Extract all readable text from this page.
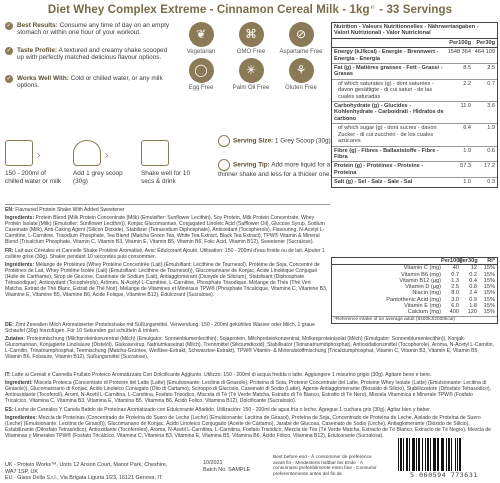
Diet Whey Complex Extreme - Cinnamon Cereal Milk - 1kg℮ - 33 Servings
✓ Best Results: Consume any time of day on an empty stomach or within one hour of your workout.
✓ Taste Profile: A textured and creamy shake scooped up with perfectly matched delicious flavour options.
✓ Works Well With: Cold or chilled water, or any milk options.
❦
Vegetarian
⌘
GMO Free
⊘
Aspartame Free
◯
Egg Free
✳
Palm Oil Free
⚘
Gluten Free
150 - 200ml of chilled water or milk
›
Add 1 grey scoop (30g)
›
Shake well for 10 secs & drink
Serving Size: 1 Grey Scoop (30g)
Serving Tip: Add more liquid for a thinner shake and less for a thicker one.
Nutrition - Valeurs Nutritionnelles - Nährwertangaben - Valori Nutrizionali - Valor Nutricional
Per100g Per30g
Energy (kJ/kcal) - Energie - Brennwert - Energia - Energía
1548 364 464 109
Fat (g) - Matières grasses - Fett - Grassi - Grasas
8.5	2.5
of which saturates (g) - dont saturées - davon gesättigte - di cui saturi - de las cuales saturadas
2.2	0.7
Carbohydrate (g) - Glucides - Kohlenhydrate - Carboidrati - Hidratos de carbono
11.9	3.6
of which sugar (g) - dont sucres - davon Zucker - di cui zuccheri - de los cuales azúcares
6.4	1.9
Fibre (g) - Fibres - Ballaststoffe - Fibre - Fibra
1.9	0.6
Protein (g) - Protéines - Proteine - Proteína
57.3	17.2
Salt (g) - Sel - Salz - Sale - Sal	1.0	0.3
Per100g
Per30g	RI*
Vitamin C (mg)	40	12	15%
Vitamin B6 (mg)	0.7	0.2	15%
Vitamin B12 (µg)	1.3	0.4	15%
Vitamin D (µg)	2.5	0.8	15%
Niacin (mg)	8.0	2.4	15%
Pantothenic Acid (mg)	3.0	0.9	15%
Vitamin E (mg)	6.0	1.8	15%
Calcium (mg)	400	120	15%
*Reference intake of an average adult (8400kJ/2000kcal)

EN: Flavoured Protein Shake With Added Sweetener

Ingredients: Protein Blend (Milk Protein Concentrate (Milk) (Emulsifier: Sunflower Lecithin), Soy Protein, Milk Protein Concentrate, Whey Protein Isolate (Milk) (Emulsifier: Sunflower Lecithin)), Konjac Glucomannan, Conjugated Linoleic Acid (Safflower Oil), Glucose Syrup, Sodium Caseinate (Milk), Anti-Caking Agent (Silicon Dioxide), Stabiliser (Tetrasodium Diphosphate), Antioxidant (Tocopherols), Flavouring, N-Acetyl L-Carnitine, L-Carnitine, Trisodium Phosphate, Tea Blend (Matcha Green Tea, White Tea Extract, Black Tea Extract), TPW® Vitamin & Mineral Blend (Tricalcium Phosphate, Vitamin C, Vitamin B3, Vitamin E, Vitamin B5, Vitamin B6, Folic Acid, Vitamin B12), Sweetener (Sucralose).

FR: Lait aux Céréales et Cannelle Shake Protéiné Aromatisé, Avec Édulcorant Ajouté. Utilisation: 150 - 200ml d'eau froide ou de lait, Ajouter 1 cuillère grise (30g). Shaker pendant 10 secondes puis consommer.

Ingrédients: Mélange de Protéines (Whey Protéine Concentrée (Lait) (Émulsifiant: Lécithine de Tournesol), Protéine de Soja, Concentré de Protéines de Lait, Whey Protéine Isolée (Lait) (Émulsifiant: Lécithine de Tournesol)), Glucomannane de Konjac, Acide Linoléique Conjugué (Huile de Carthame), Sirop de Glucose, Caséinate de Sodium (Lait), Antiagglomérant (Dioxyde de Silicium), Stabilisant (Diphosphate Tétrasodique), Antioxydant (Tocophérols), Arômes, N-Acétyl L-Carnitine, L-Carnitine, Phosphate Trisodique, Mélange de Thés (Thé Vert Matcha, Extrait de Thé Blanc, Extrait de Thé Noir), Mélange de Vitamines et Minéraux TPW® (Phosphate Tricalcique, Vitamine C, Vitamine B3, Vitamine E, Vitamine B5, Vitamine B6, Acide Folique, Vitamine B12), Édulcorant (Sucralose).

DE: Zimt Zerealien Milch Aromatisierter Proteinshake mit Süßungsmittel. Verwendung: 150 - 200ml gekühltes Wasser oder Milch, 1 graue Schaufel (30g) hinzufügen. Für 10 Sekunden gut schütteln & trinken.

Zutaten: Proteinmischung (Milchproteinkonzentrat (Milch) (Emulgator: Sonnenblumenlecithin), Sojaprotein, Milchproteinkonzentrat, Molkenproteinisolat (Milch) (Emulgator: Sonnenblumenlecithin)), Konjak-Glucomannan, Konjugierte Linolsäure (Distelöl), Glukosesirup, Natriumkaseinat (Milch), Trennmittel (Siliciumdioxid), Stabilisator (Tetranatriumdiphosphat), Antioxidationsmittel (Tocopherole), Aroma, N-Acetyl L-Carnitin, L-Carnitin, Trinatriumphosphat, Teemischung (Matcha-Grüntee, Weißtee-Extrakt, Schwarztee-Extrakt), TPW® Vitamin- & Mineralstoffmischung (Tricalciumphosphat, Vitamin C, Vitamin B3, Vitamin E, Vitamin B5, Vitamin B6, Folsäure, Vitamin B12), Süßungsmittel (Sucralose).

IT: Latte ai Cereali e Cannella Frullato Proteico Aromatizzato Con Dolcificante Aggiunto. Utilizzo: 150 - 200ml di acqua fredda o latte. Aggiungere 1 misurino grigio (30g). Agitare bene e bere.

Ingredienti: Miscela Proteica (Concentrato di Proteine del Latte (Latte) (Emulsionante: Lecitina di Girasole), Proteina di Soia, Proteine Concentrate del Latte, Proteine Whey Isolate (Latte) (Emulsionante: Lecitina di Girasole)), Glucomannano di Konjac, Acido Linoleico Coniugato (Olio di Cartamo), Sciroppo di Glucosio, Caseinato di Sodio (Latte), Agente Antiagglomerante (Biossido di Silicio), Stabilizzatore (Difosfato Tetrasodico), Antiossidante (Tocoferoli), Aromi, N-Acetil L-Carnitina, L-Carnitina, Fosfato Trisodico, Miscela di Tè (Tè Verde Matcha, Estratto di Tè Bianco, Estratto di Tè Nero), Miscela Vitaminica e Minerale TPW® (Fosfato Tricalcico, Vitamina C, Vitamina B3, Vitamina E, Vitamina B5, Vitamina B6, Acido Folico, Vitamina B12), Dolcificante (Sucralosio).

ES: Leche de Cereales Y Canela Batido de Proteínas Aromatizado con Edulcorante Añadido. Utilización: 150 - 200ml de agua fría o leche. Agregue 1 cuchara gris (30g). Agitar bien y beber.

Ingredientes: Mezcla de Proteínas (Concentrado de Proteína de Suero de Leche (Leche) (Emulsionante: Lecitina de Girasol), Proteína de Soja, Concentrado de Proteína de Leche, Aislado de Proteína de Suero (Leche) (Emulsionante: Lecitina de Girasol)), Glucomanano de Konjac, Ácido Linoleico Conjugado (Aceite de Cártamo), Jarabe de Glucosa, Caseinato de Sodio (Leche), Antiaglomerante (Dióxido de Silicio), Estabilizante (Difosfato Tetrasódico), Antioxidante (Tocoferoles), Aroma, N-Acetil L-Carnitina, L-Carnitina, Fosfato Trisódico, Mezcla de Tés (Té Verde Matcha, Extracto de Té Blanco, Extracto de Té Negro), Mezcla de Vitaminas y Minerales TPW® (Fosfato Tricálcico, Vitamina C, Vitamina B3, Vitamina E, Vitamina B5, Vitamina B6, Ácido Fólico, Vitamina B12), Edulcorante (Sucralosa).

UK - Protein Works™, Units 12 Anson Court, Manor Park, Cheshire, WA7 1SP, UK
EU - Glass Della S.r.l., Via Brigata Liguria 1/23, 16121 Genova, IT
10/2021
Batch No. SAMPLE
Best before end - Å consommer de préférence avant fin - Mindestens haltbar bis Ende - A consumarsi preferibilmente entro fine - Consumir preferentemente antes del fin de	5 060594 773631
